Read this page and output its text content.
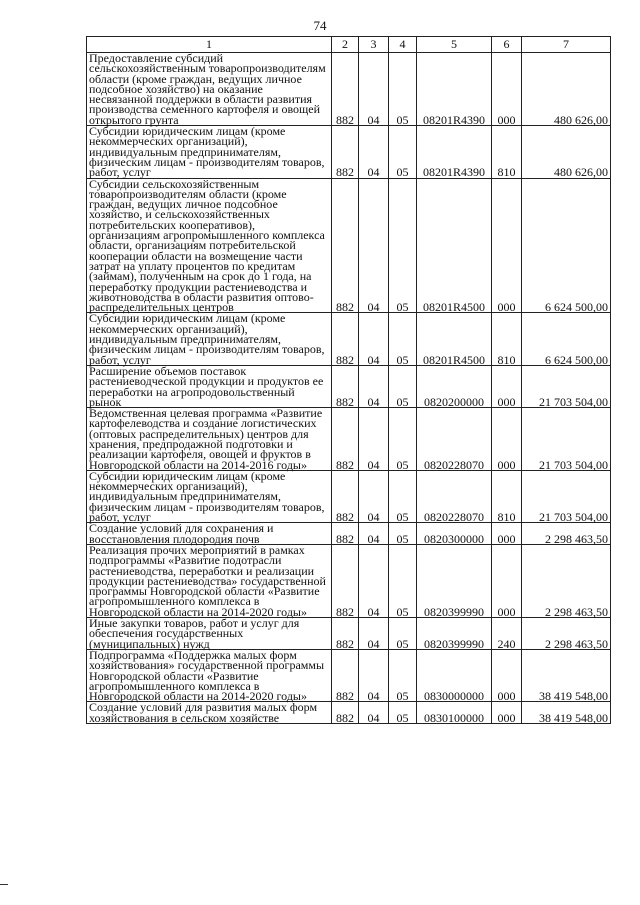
74
1	2	3	4	5	6	7
Предоставление субсидий сельскохозяйственным товаропроизводителям области (кроме граждан, ведущих личное подсобное хозяйство) на оказание несвязанной поддержки в области развития производства семенного картофеля и овощей открытого грунта	882	04	05	08201R4390	000	480 626,00
Субсидии юридическим лицам (кроме некоммерческих организаций), индивидуальным предпринимателям, физическим лицам - производителям товаров, работ, услуг	882	04	05	08201R4390	810	480 626,00
Субсидии сельскохозяйственным товаропроизводителям области (кроме граждан, ведущих личное подсобное хозяйство, и сельскохозяйственных потребительских кооперативов), организациям агропромышленного комплекса области, организациям потребительской кооперации области на возмещение части затрат на уплату процентов по кредитам (займам), полученным на срок до 1 года, на переработку продукции растениеводства и животноводства в области развития оптово-распределительных центров	882	04	05	08201R4500	000	6 624 500,00
Субсидии юридическим лицам (кроме некоммерческих организаций), индивидуальным предпринимателям, физическим лицам - производителям товаров, работ, услуг	882	04	05	08201R4500	810	6 624 500,00
Расширение объемов поставок растениеводческой продукции и продуктов ее переработки на агропродовольственный рынок	882	04	05	0820200000	000	21 703 504,00
Ведомственная целевая программа «Развитие картофелеводства и создание логистических (оптовых распределительных) центров для хранения, предпродажной подготовки и реализации картофеля, овощей и фруктов в Новгородской области на 2014-2016 годы»	882	04	05	0820228070	000	21 703 504,00
Субсидии юридическим лицам (кроме некоммерческих организаций), индивидуальным предпринимателям, физическим лицам - производителям товаров, работ, услуг	882	04	05	0820228070	810	21 703 504,00
Создание условий для сохранения и восстановления плодородия почв	882	04	05	0820300000	000	2 298 463,50
Реализация прочих мероприятий в рамках подпрограммы «Развитие подотрасли растениеводства, переработки и реализации продукции растениеводства» государственной программы Новгородской области «Развитие агропромышленного комплекса в Новгородской области на 2014-2020 годы»	882	04	05	0820399990	000	2 298 463,50
Иные закупки товаров, работ и услуг для обеспечения государственных (муниципальных) нужд	882	04	05	0820399990	240	2 298 463,50
Подпрограмма «Поддержка малых форм хозяйствования» государственной программы Новгородской области «Развитие агропромышленного комплекса в Новгородской области на 2014-2020 годы»	882	04	05	0830000000	000	38 419 548,00
Создание условий для развития малых форм хозяйствования в сельском хозяйстве	882	04	05	0830100000	000	38 419 548,00
